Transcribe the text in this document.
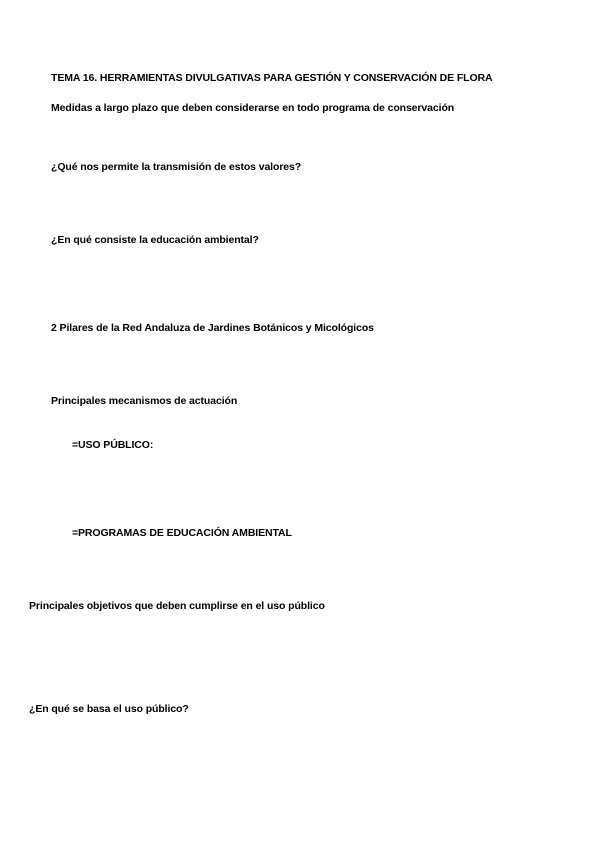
TEMA 16. HERRAMIENTAS DIVULGATIVAS PARA GESTIÓN Y CONSERVACIÓN DE FLORA
Medidas a largo plazo que deben considerarse en todo programa de conservación
¿Qué nos permite la transmisión de estos valores?
¿En qué consiste la educación ambiental?
2 Pilares de la Red Andaluza de Jardines Botánicos y Micológicos
Principales mecanismos de actuación
=USO PÚBLICO:
=PROGRAMAS DE EDUCACIÓN AMBIENTAL
Principales objetivos que deben cumplirse en el uso público
¿En qué se basa el uso público?
